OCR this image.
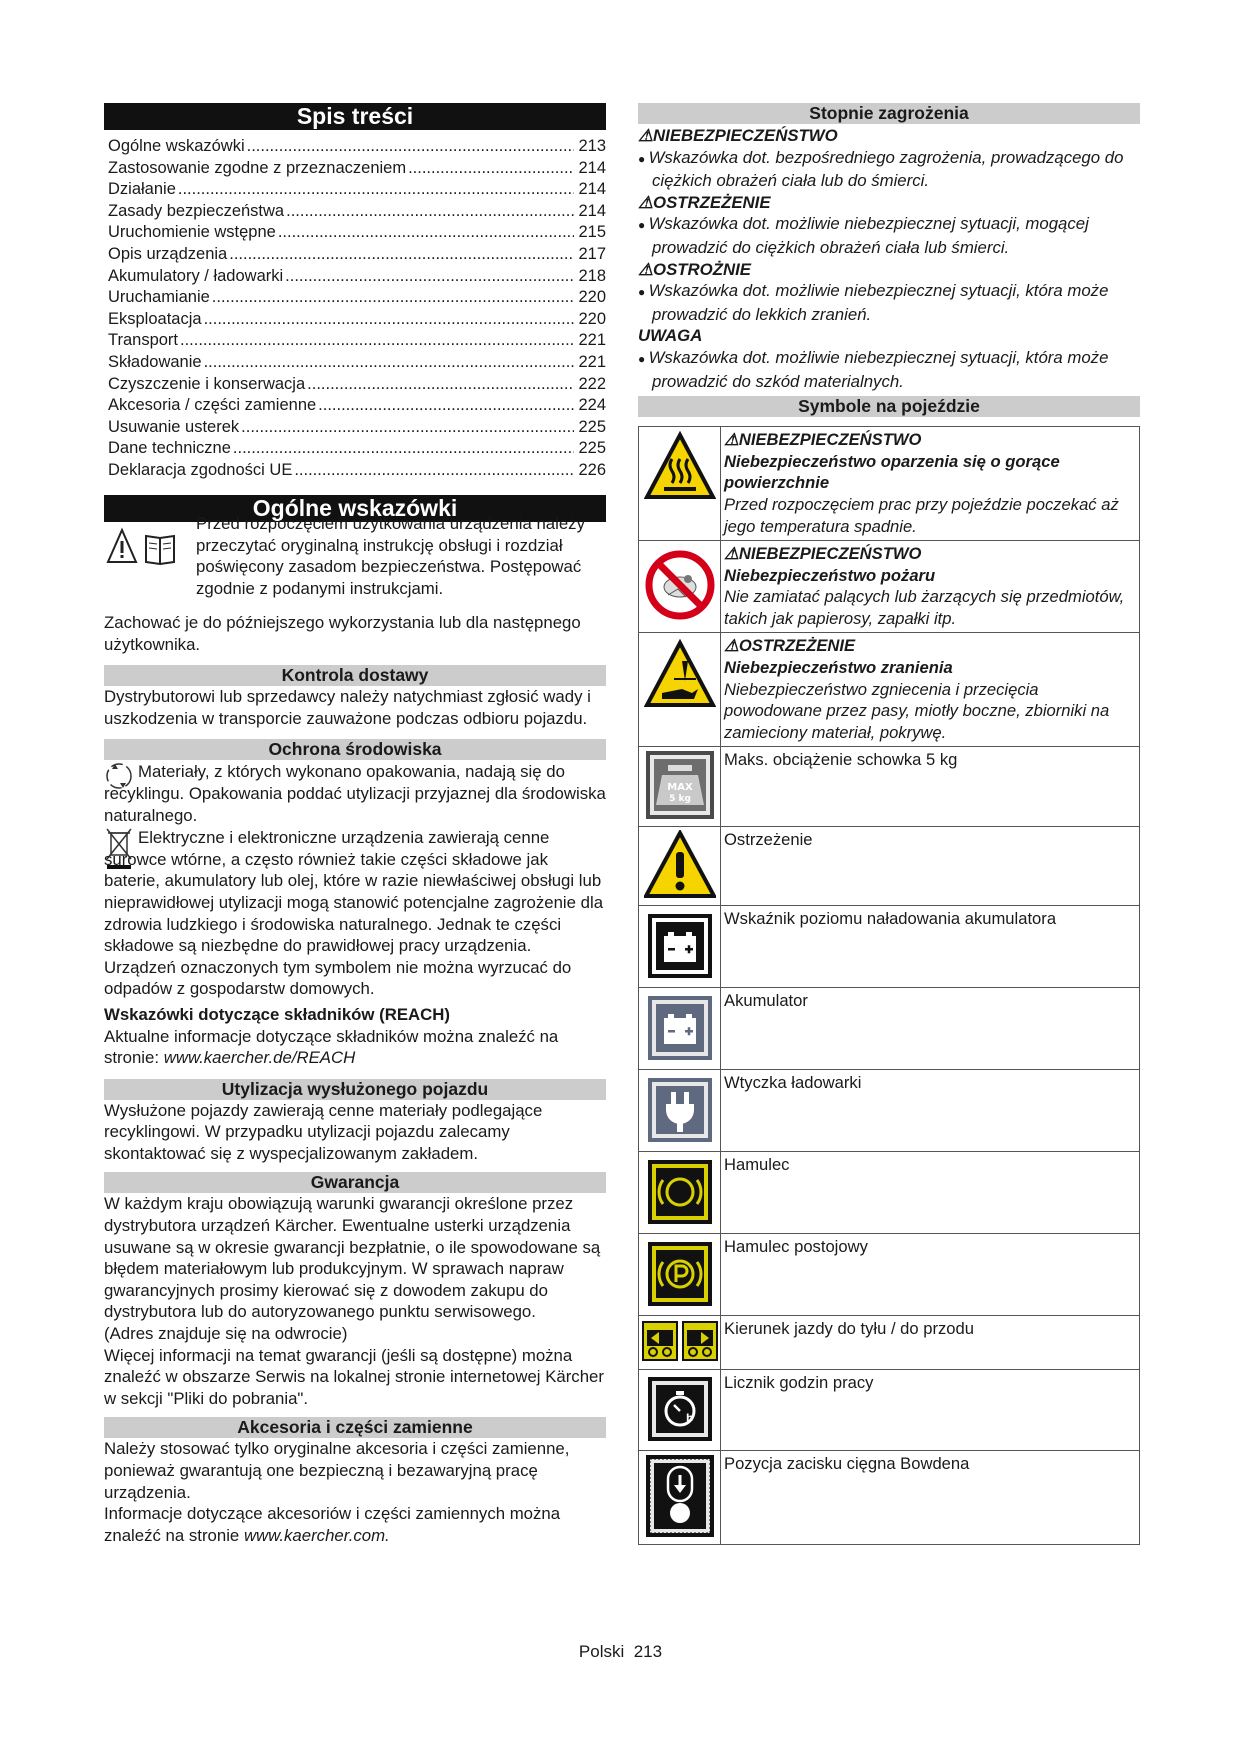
Spis treści
Ogólne wskazówki .....	213
Zastosowanie zgodne z przeznaczeniem .....	214
Działanie .....	214
Zasady bezpieczeństwa .....	214
Uruchomienie wstępne .....	215
Opis urządzenia .....	217
Akumulatory / ładowarki .....	218
Uruchamianie .....	220
Eksploatacja .....	220
Transport .....	221
Składowanie .....	221
Czyszczenie i konserwacja .....	222
Akcesoria / części zamienne .....	224
Usuwanie usterek .....	225
Dane techniczne .....	225
Deklaracja zgodności UE .....	226
Ogólne wskazówki

Przed rozpoczęciem użytkowania urządzenia należy przeczytać oryginalną instrukcję obsługi i rozdział poświęcony zasadom bezpieczeństwa. Postępować zgodnie z podanymi instrukcjami.

Zachować je do późniejszego wykorzystania lub dla następnego użytkownika.

Kontrola dostawy

Dystrybutorowi lub sprzedawcy należy natychmiast zgłosić wady i uszkodzenia w transporcie zauważone podczas odbioru pojazdu.

Ochrona środowiska

Materiały, z których wykonano opakowania, nadają się do recyklingu. Opakowania poddać utylizacji przyjaznej dla środowiska naturalnego.

Elektryczne i elektroniczne urządzenia zawierają cenne surowce wtórne, a często również takie części składowe jak baterie, akumulatory lub olej, które w razie niewłaściwej obsługi lub nieprawidłowej utylizacji mogą stanowić potencjalne zagrożenie dla zdrowia ludzkiego i środowiska naturalnego. Jednak te części składowe są niezbędne do prawidłowej pracy urządzenia. Urządzeń oznaczonych tym symbolem nie można wyrzucać do odpadów z gospodarstw domowych.

Wskazówki dotyczące składników (REACH)

Aktualne informacje dotyczące składników można znaleźć na stronie: www.kaercher.de/REACH

Utylizacja wysłużonego pojazdu

Wysłużone pojazdy zawierają cenne materiały podlegające recyklingowi. W przypadku utylizacji pojazdu zalecamy skontaktować się z wyspecjalizowanym zakładem.

Gwarancja

W każdym kraju obowiązują warunki gwarancji określone przez dystrybutora urządzeń Kärcher. Ewentualne usterki urządzenia usuwane są w okresie gwarancji bezpłatnie, o ile spowodowane są błędem materiałowym lub produkcyjnym. W sprawach napraw gwarancyjnych prosimy kierować się z dowodem zakupu do dystrybutora lub do autoryzowanego punktu serwisowego.

(Adres znajduje się na odwrocie)

Więcej informacji na temat gwarancji (jeśli są dostępne) można znaleźć w obszarze Serwis na lokalnej stronie internetowej Kärcher w sekcji "Pliki do pobrania".

Akcesoria i części zamienne

Należy stosować tylko oryginalne akcesoria i części zamienne, ponieważ gwarantują one bezpieczną i bezawaryjną pracę urządzenia.

Informacje dotyczące akcesoriów i części zamiennych można znaleźć na stronie www.kaercher.com.

Stopnie zagrożenia
⚠NIEBEZPIECZEŃSTWO
● Wskazówka dot. bezpośredniego zagrożenia, prowadzącego do ciężkich obrażeń ciała lub do śmierci.
⚠OSTRZEŻENIE
● Wskazówka dot. możliwie niebezpiecznej sytuacji, mogącej prowadzić do ciężkich obrażeń ciała lub śmierci.
⚠OSTROŻNIE
● Wskazówka dot. możliwie niebezpiecznej sytuacji, która może prowadzić do lekkich zranień.
UWAGA
● Wskazówka dot. możliwie niebezpiecznej sytuacji, która może prowadzić do szkód materialnych.
Symbole na pojeździe

⚠NIEBEZPIECZEŃSTWO
Niebezpieczeństwo oparzenia się o gorące powierzchnie
Przed rozpoczęciem prac przy pojeździe poczekać aż jego temperatura spadnie.

⚠NIEBEZPIECZEŃSTWO
Niebezpieczeństwo pożaru
Nie zamiatać palących lub żarzących się przedmiotów, takich jak papierosy, zapałki itp.

⚠OSTRZEŻENIE
Niebezpieczeństwo zranienia
Niebezpieczeństwo zgniecenia i przecięcia powodowane przez pasy, miotły boczne, zbiorniki na zamieciony materiał, pokrywę.

MAX
5 kg	Maks. obciążenie schowka 5 kg
	Ostrzeżenie
	Wskaźnik poziomu naładowania akumulatora
	Akumulator
	Wtyczka ładowarki
	Hamulec
	Hamulec postojowy
	Kierunek jazdy do tyłu / do przodu

h	Licznik godzin pracy
	Pozycja zacisku cięgna Bowdena
Polski 213
